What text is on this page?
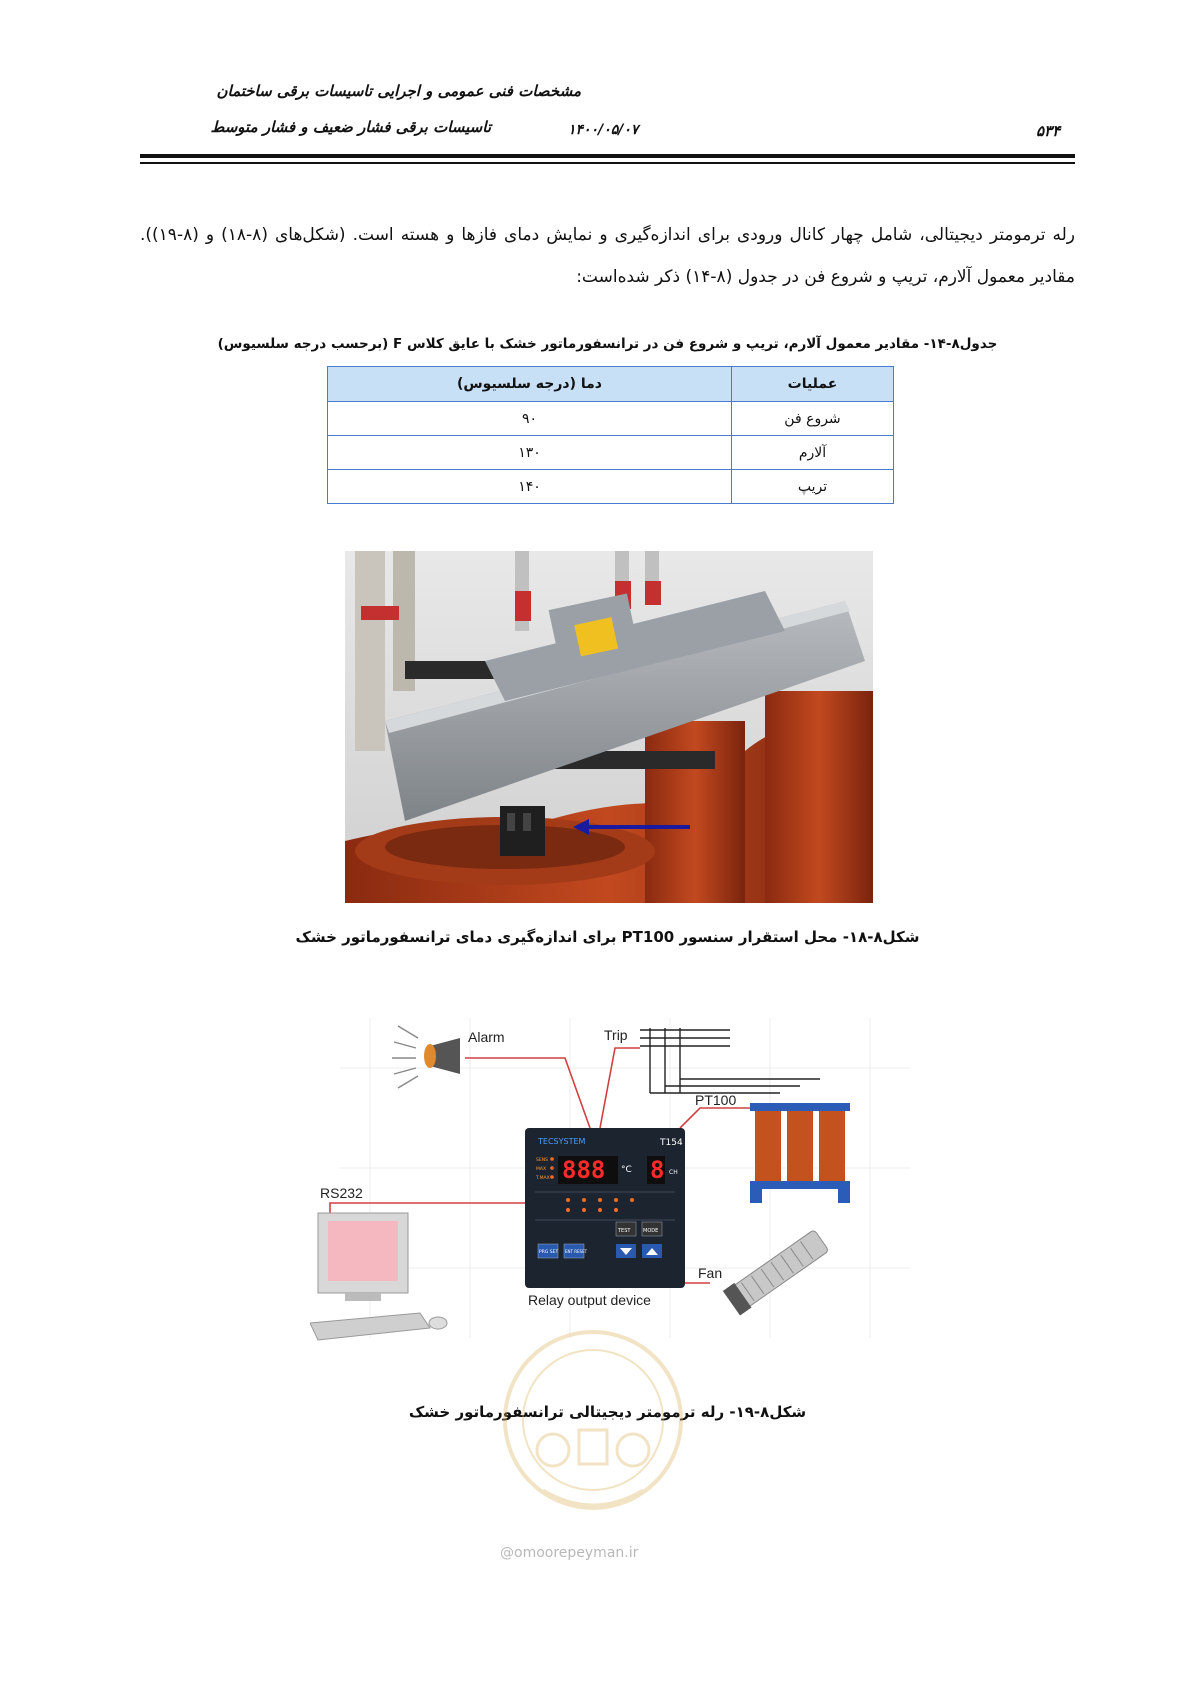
مشخصات فنی عمومی و اجرایی تاسیسات برقی ساختمان
تاسیسات برقی فشار ضعیف و فشار متوسط	۱۴۰۰/۰۵/۰۷	۵۳۴
رله ترمومتر دیجیتالی، شامل چهار کانال ورودی برای اندازه‌گیری و نمایش دمای فازها و هسته است. (شکل‌های (۸-۱۸) و (۸-۱۹)). مقادیر معمول آلارم، تریپ و شروع فن در جدول (۸-۱۴) ذکر شده‌است:
جدول۸-۱۴- مقادیر معمول آلارم، تریپ و شروع فن در ترانسفورماتور خشک با عایق کلاس F (برحسب درجه سلسیوس)
عملیات	دما (درجه سلسیوس)
شروع فن	۹۰
آلارم	۱۳۰
تریپ	۱۴۰
شکل۸-۱۸- محل استقرار سنسور PT100 برای اندازه‌گیری دمای ترانسفورماتور خشک
TECSYSTEM	T154
888 °C 8 CH
SENS
MAX
T.MAX
PRG SET ENT RESET
TEST	MODE
Alarm	Trip
PT100
RS232
Fan
Relay output device
شکل۸-۱۹- رله ترمومتر دیجیتالی ترانسفورماتور خشک
@omoorepeyman.ir
